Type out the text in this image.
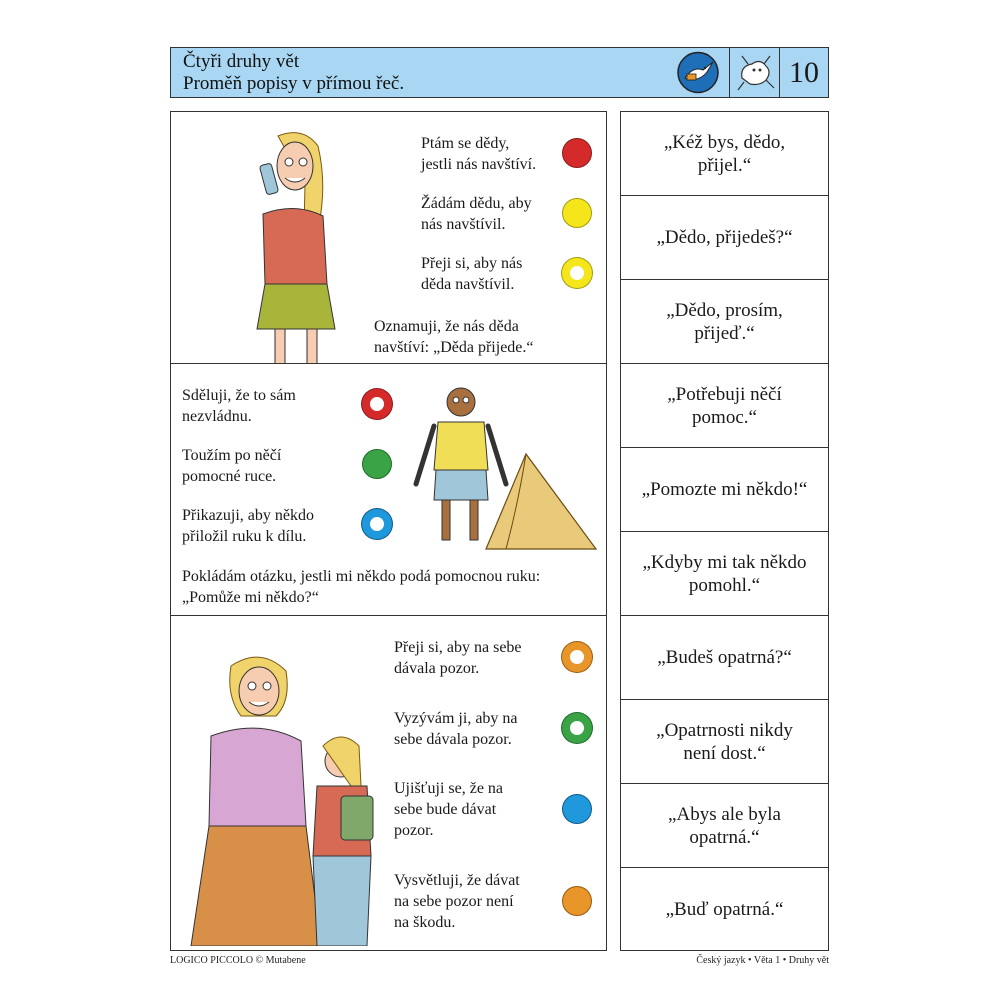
Čtyři druhy vět
Proměň popisy v přímou řeč.	10
Ptám se dědy,
jestli nás navštíví.
Žádám dědu, aby
nás navštívil.
Přeji si, aby nás
děda navštívil.
Oznamuji, že nás děda
navštíví: „Děda přijede.“
Sděluji, že to sám
nezvládnu.
Toužím po něčí
pomocné ruce.
Přikazuji, aby někdo
přiložil ruku k dílu.
Pokládám otázku, jestli mi někdo podá pomocnou ruku:
„Pomůže mi někdo?“
Přeji si, aby na sebe
dávala pozor.
Vyzývám ji, aby na
sebe dávala pozor.
Ujišťuji se, že na
sebe bude dávat
pozor.
Vysvětluji, že dávat
na sebe pozor není
na škodu.
„Kéž bys, dědo,
přijel.“
„Dědo, přijedeš?“
„Dědo, prosím,
přijeď.“
„Potřebuji něčí
pomoc.“
„Pomozte mi někdo!“
„Kdyby mi tak někdo
pomohl.“
„Budeš opatrná?“
„Opatrnosti nikdy
není dost.“
„Abys ale byla
opatrná.“
„Buď opatrná.“
LOGICO PICCOLO © Mutabene	Český jazyk • Věta 1 • Druhy vět
